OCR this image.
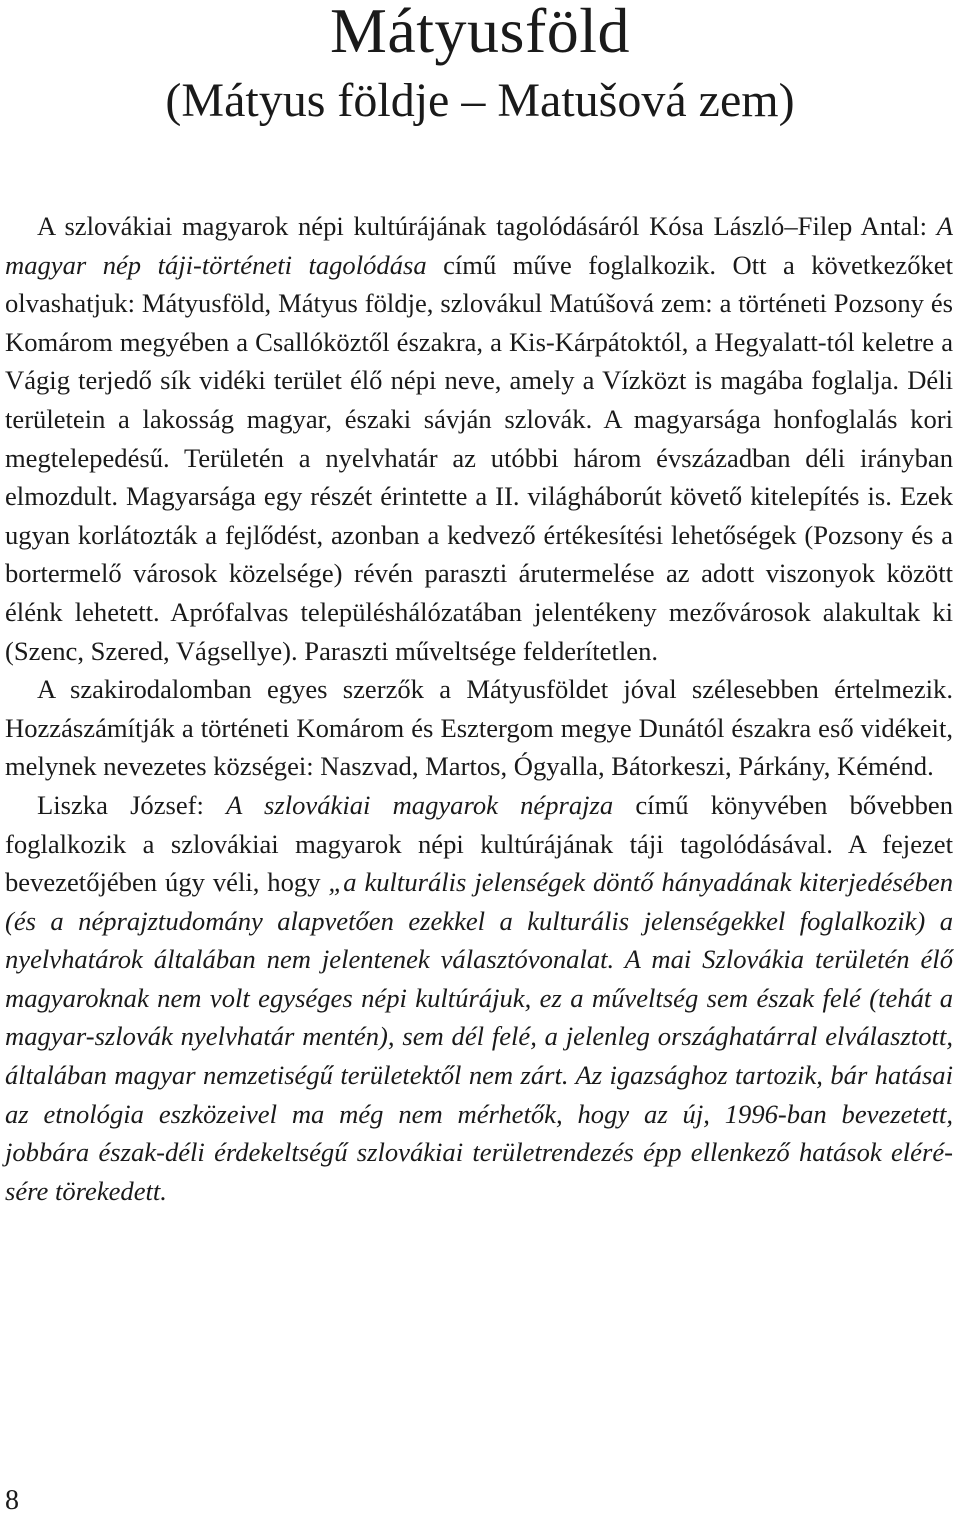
Mátyusföld
(Mátyus földje – Matušová zem)

A szlovákiai magyarok népi kultúrájának tagolódásáról Kósa László–Filep Antal: A magyar nép táji-történeti tagolódása című műve foglalkozik. Ott a következőket olvashatjuk: Mátyusföld, Mátyus földje, szlovákul Matúšová zem: a történeti Pozsony és Komárom megyében a Csallóköztől északra, a Kis-Kárpátoktól, a Hegyalatt-tól keletre a Vágig terjedő sík vidéki terület élő népi neve, amely a Vízközt is magába foglalja. Déli területein a lakosság magyar, északi sávján szlovák. A magyarsága honfoglalás kori megtelepedésű. Területén a nyelvhatár az utóbbi három évszázadban déli irányban elmozdult. Magyarsága egy részét érintette a II. világháborút követő kitelepítés is. Ezek ugyan korlátozták a fejlődést, azonban a kedvező értékesítési lehetőségek (Pozsony és a bortermelő városok közelsége) révén paraszti árutermelése az adott viszonyok között élénk lehetett. Aprófalvas településhálózatában jelentékeny mezővárosok alakultak ki (Szenc, Szered, Vágsellye). Paraszti műveltsége felderítetlen.

A szakirodalomban egyes szerzők a Mátyusföldet jóval szélesebben értelmezik. Hozzászámítják a történeti Komárom és Esztergom megye Dunától északra eső vidékeit, melynek nevezetes községei: Naszvad, Martos, Ógyalla, Bátorkeszi, Párkány, Kéménd.

Liszka József: A szlovákiai magyarok néprajza című könyvében bővebben foglalkozik a szlovákiai magyarok népi kultúrájának táji tagolódásával. A fejezet bevezetőjében úgy véli, hogy „a kulturális jelenségek döntő hányadának kiterjedésében (és a néprajztudomány alapvetően ezekkel a kulturális jelenségekkel foglalkozik) a nyelvhatárok általában nem jelentenek választóvonalat. A mai Szlovákia területén élő magyaroknak nem volt egységes népi kultúrájuk, ez a műveltség sem észak felé (tehát a magyar-szlovák nyelvhatár mentén), sem dél felé, a jelenleg országhatárral elválasztott, általában magyar nemzetiségű területektől nem zárt. Az igazsághoz tartozik, bár hatásai az etnológia eszközeivel ma még nem mérhetők, hogy az új, 1996-ban bevezetett, jobbára észak-déli érdekeltségű szlovákiai területrendezés épp ellenkező hatások elérésére törekedett.

8
